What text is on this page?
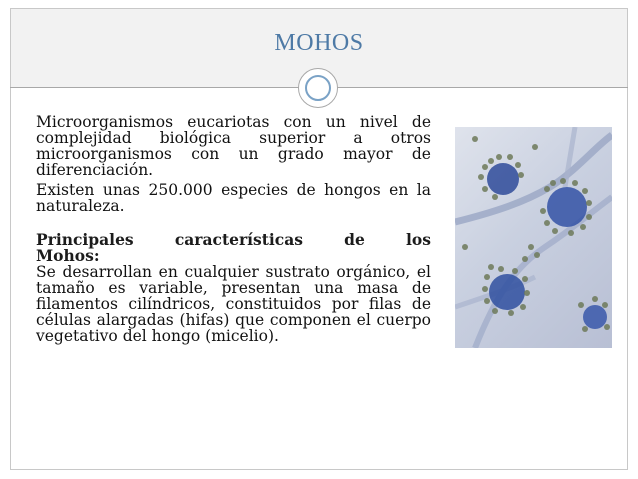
MOHOS

Microorganismos eucariotas con un nivel de complejidad biológica superior a otros microorganismos con un grado mayor de diferenciación.

Existen unas 250.000 especies de hongos en la naturaleza.

Principales características de los
Mohos:

Se desarrollan en cualquier sustrato orgánico, el tamaño es variable, presentan una masa de filamentos cilíndricos, constituidos por filas de células alargadas (hifas) que componen el cuerpo vegetativo del hongo (micelio).
